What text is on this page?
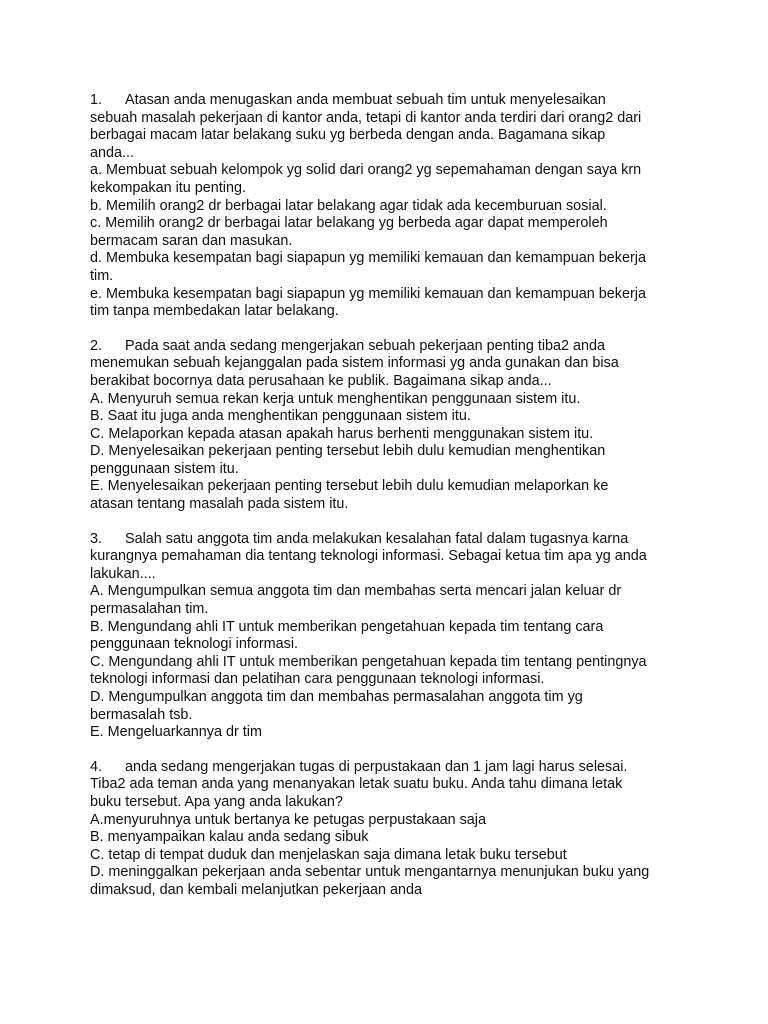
1. Atasan anda menugaskan anda membuat sebuah tim untuk menyelesaikan
sebuah masalah pekerjaan di kantor anda, tetapi di kantor anda terdiri dari orang2 dari
berbagai macam latar belakang suku yg berbeda dengan anda. Bagamana sikap
anda...
a. Membuat sebuah kelompok yg solid dari orang2 yg sepemahaman dengan saya krn
kekompakan itu penting.
b. Memilih orang2 dr berbagai latar belakang agar tidak ada kecemburuan sosial.
c. Memilih orang2 dr berbagai latar belakang yg berbeda agar dapat memperoleh
bermacam saran dan masukan.
d. Membuka kesempatan bagi siapapun yg memiliki kemauan dan kemampuan bekerja
tim.
e. Membuka kesempatan bagi siapapun yg memiliki kemauan dan kemampuan bekerja
tim tanpa membedakan latar belakang.
2. Pada saat anda sedang mengerjakan sebuah pekerjaan penting tiba2 anda
menemukan sebuah kejanggalan pada sistem informasi yg anda gunakan dan bisa
berakibat bocornya data perusahaan ke publik. Bagaimana sikap anda...
A. Menyuruh semua rekan kerja untuk menghentikan penggunaan sistem itu.
B. Saat itu juga anda menghentikan penggunaan sistem itu.
C. Melaporkan kepada atasan apakah harus berhenti menggunakan sistem itu.
D. Menyelesaikan pekerjaan penting tersebut lebih dulu kemudian menghentikan
penggunaan sistem itu.
E. Menyelesaikan pekerjaan penting tersebut lebih dulu kemudian melaporkan ke
atasan tentang masalah pada sistem itu.
3. Salah satu anggota tim anda melakukan kesalahan fatal dalam tugasnya karna
kurangnya pemahaman dia tentang teknologi informasi. Sebagai ketua tim apa yg anda
lakukan....
A. Mengumpulkan semua anggota tim dan membahas serta mencari jalan keluar dr
permasalahan tim.
B. Mengundang ahli IT untuk memberikan pengetahuan kepada tim tentang cara
penggunaan teknologi informasi.
C. Mengundang ahli IT untuk memberikan pengetahuan kepada tim tentang pentingnya
teknologi informasi dan pelatihan cara penggunaan teknologi informasi.
D. Mengumpulkan anggota tim dan membahas permasalahan anggota tim yg
bermasalah tsb.
E. Mengeluarkannya dr tim
4. anda sedang mengerjakan tugas di perpustakaan dan 1 jam lagi harus selesai.
Tiba2 ada teman anda yang menanyakan letak suatu buku. Anda tahu dimana letak
buku tersebut. Apa yang anda lakukan?
A.menyuruhnya untuk bertanya ke petugas perpustakaan saja
B. menyampaikan kalau anda sedang sibuk
C. tetap di tempat duduk dan menjelaskan saja dimana letak buku tersebut
D. meninggalkan pekerjaan anda sebentar untuk mengantarnya menunjukan buku yang
dimaksud, dan kembali melanjutkan pekerjaan anda
